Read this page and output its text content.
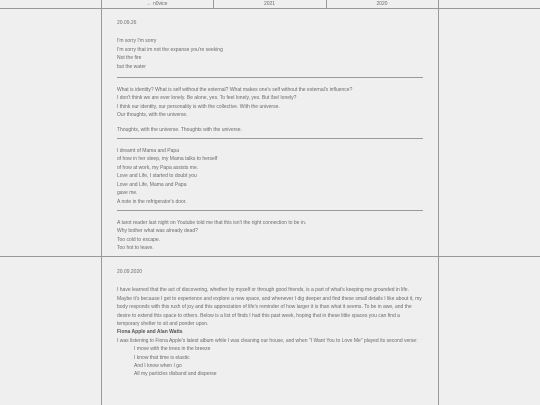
← n0vice	2021	2020

20.09.26

I'm sorry I'm sorry

I'm sorry that im not the expanse you're seeking

Not the fire

but the water

What is identity? What is self without the external? What makes one's self without the external's influence?

I don't think we are ever lonely. Be alone, yes. To feel lonely, yes. But /be/ lonely?

I think our identity, our personality is with the collective. With the universe.

Our thoughts, with the universe.

Thoughts, with the universe. Thoughts with the universe.

I dreamt of Mama and Papa

of how in her sleep, my Mama talks to herself

of how at work, my Papa assists me.

Love and Life, I started to doubt you

Love and Life, Mama and Papa

gave me.

A note in the refrigerator's door.

A tarot reader last night on Youtube told me that this isn't the right connection to be in.

Why bother what was already dead?

Too cold to escape.

Too hot to leave.

20.09.2020

I have learned that the act of discovering, whether by myself or through good friends, is a part of what's keeping me grounded in life. Maybe it's because I get to experience and explore a new space, and whenever I dig deeper and find these small details I like about it, my body responds with this rush of joy and this appreciation of life's reminder of how larger it is than what it seems. To be in awe, and the desire to extend this space to others. Below is a list of finds I had this past week, hoping that in these little spaces you can find a temporary shelter to sit and ponder upon.

Fiona Apple and Alan Watts

I was listening to Fiona Apple's latest album while I was cleaning our house, and when "I Want You to Love Me" played its second verse:

I move with the trees in the breeze

I know that time is elastic

And I know when I go

All my particles disband and disperse
